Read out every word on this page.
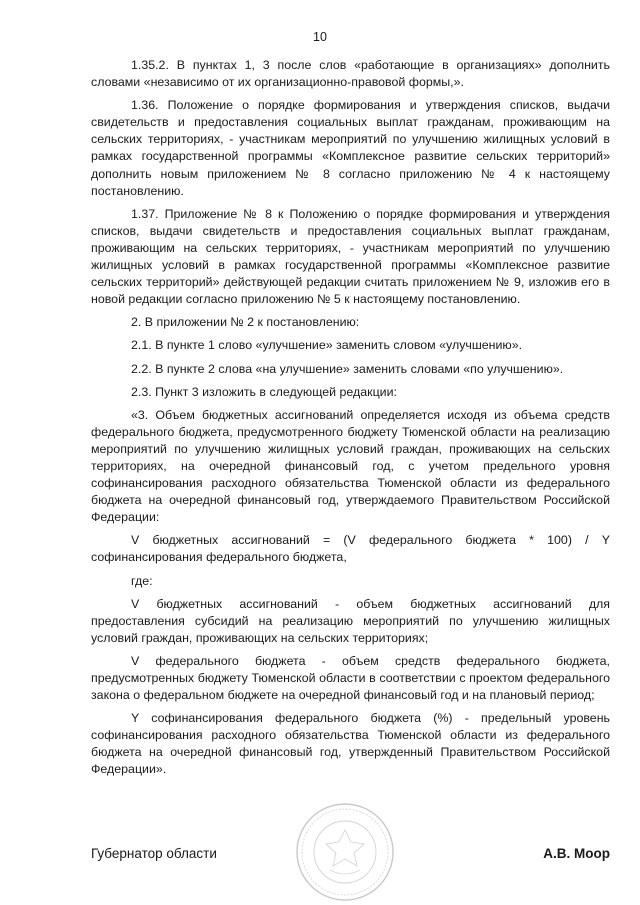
10

1.35.2. В пунктах 1, 3 после слов «работающие в организациях» дополнить словами «независимо от их организационно-правовой формы,».

1.36. Положение о порядке формирования и утверждения списков, выдачи свидетельств и предоставления социальных выплат гражданам, проживающим на сельских территориях, - участникам мероприятий по улучшению жилищных условий в рамках государственной программы «Комплексное развитие сельских территорий» дополнить новым приложением № 8 согласно приложению № 4 к настоящему постановлению.

1.37. Приложение № 8 к Положению о порядке формирования и утверждения списков, выдачи свидетельств и предоставления социальных выплат гражданам, проживающим на сельских территориях, - участникам мероприятий по улучшению жилищных условий в рамках государственной программы «Комплексное развитие сельских территорий» действующей редакции считать приложением № 9, изложив его в новой редакции согласно приложению № 5 к настоящему постановлению.

2. В приложении № 2 к постановлению:

2.1. В пункте 1 слово «улучшение» заменить словом «улучшению».

2.2. В пункте 2 слова «на улучшение» заменить словами «по улучшению».

2.3. Пункт 3 изложить в следующей редакции:

«3. Объем бюджетных ассигнований определяется исходя из объема средств федерального бюджета, предусмотренного бюджету Тюменской области на реализацию мероприятий по улучшению жилищных условий граждан, проживающих на сельских территориях, на очередной финансовый год, с учетом предельного уровня софинансирования расходного обязательства Тюменской области из федерального бюджета на очередной финансовый год, утверждаемого Правительством Российской Федерации:

V бюджетных ассигнований = (V федерального бюджета * 100) / Y софинансирования федерального бюджета,

где:

V бюджетных ассигнований - объем бюджетных ассигнований для предоставления субсидий на реализацию мероприятий по улучшению жилищных условий граждан, проживающих на сельских территориях;

V федерального бюджета - объем средств федерального бюджета, предусмотренных бюджету Тюменской области в соответствии с проектом федерального закона о федеральном бюджете на очередной финансовый год и на плановый период;

Y софинансирования федерального бюджета (%) - предельный уровень софинансирования расходного обязательства Тюменской области из федерального бюджета на очередной финансовый год, утвержденный Правительством Российской Федерации».

Губернатор области	А.В. Моор
